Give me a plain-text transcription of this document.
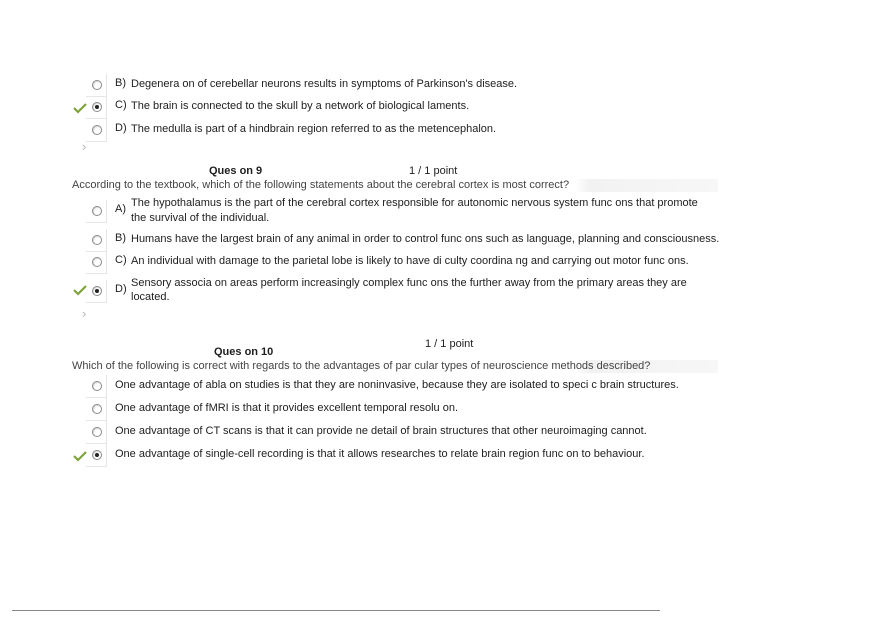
B) Degenera on of cerebellar neurons results in symptoms of Parkinson's disease.
C) The brain is connected to the skull by a network of biological laments.
D) The medulla is part of a hindbrain region referred to as the metencephalon.
›
Ques on 9	1 / 1 point
According to the textbook, which of the following statements about the cerebral cortex is most correct?
A) The hypothalamus is the part of the cerebral cortex responsible for autonomic nervous system func ons that promote
the survival of the individual.
B) Humans have the largest brain of any animal in order to control func ons such as language, planning and consciousness.
C) An individual with damage to the parietal lobe is likely to have di culty coordina ng and carrying out motor func ons.
D) Sensory associa on areas perform increasingly complex func ons the further away from the primary areas they are
located.
›
1 / 1 point
Ques on 10
Which of the following is correct with regards to the advantages of par cular types of neuroscience methods described?
One advantage of abla on studies is that they are noninvasive, because they are isolated to speci c brain structures.
One advantage of fMRI is that it provides excellent temporal resolu on.
One advantage of CT scans is that it can provide ne detail of brain structures that other neuroimaging cannot.
One advantage of single-cell recording is that it allows researches to relate brain region func on to behaviour.
